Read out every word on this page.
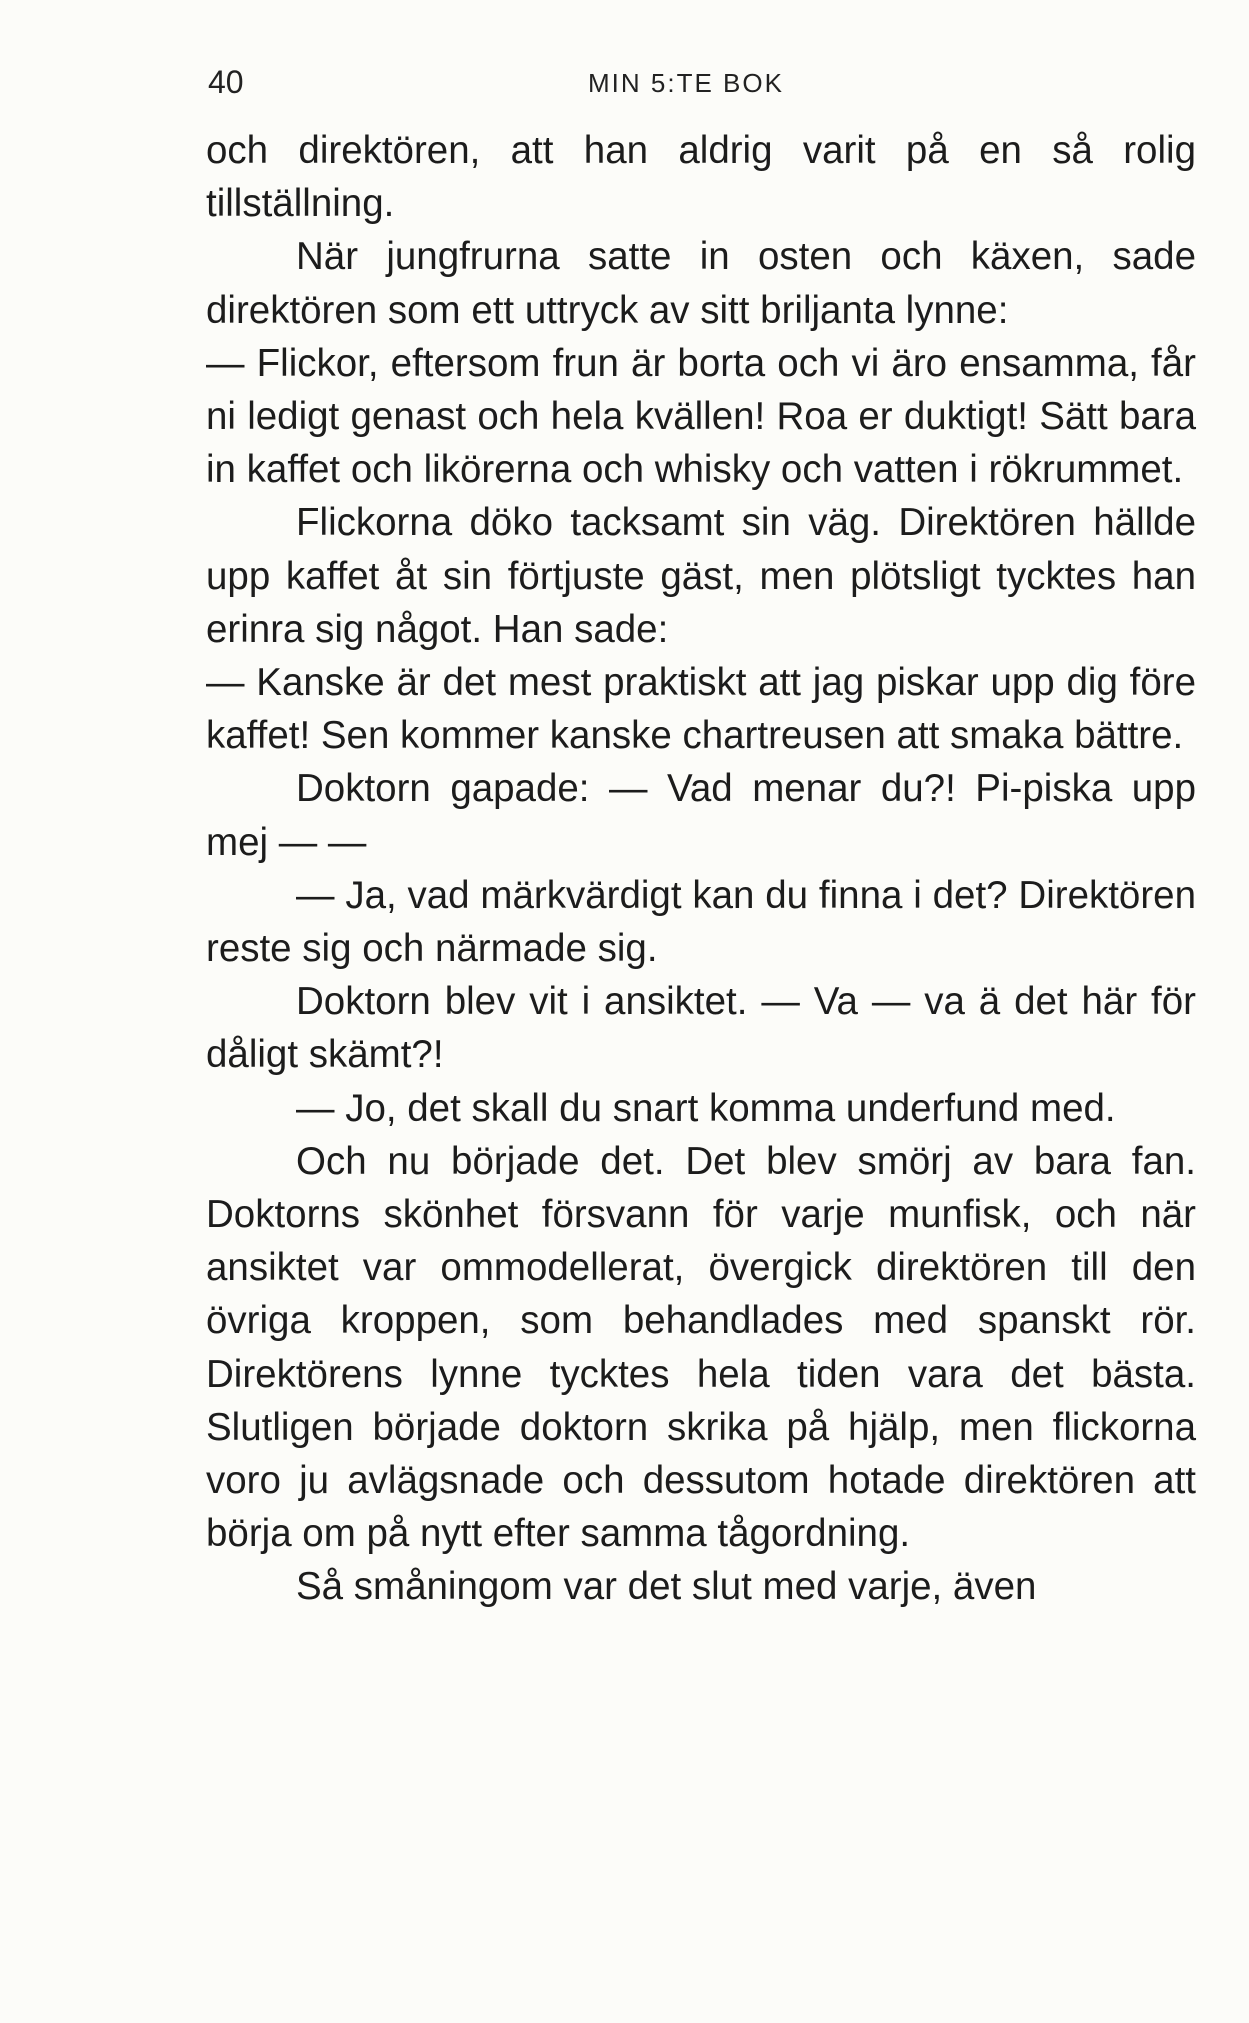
40	MIN 5:TE BOK

och direktören, att han aldrig varit på en så rolig tillställning.

När jungfrurna satte in osten och käxen, sade direktören som ett uttryck av sitt briljanta lynne:

— Flickor, eftersom frun är borta och vi äro ensamma, får ni ledigt genast och hela kvällen! Roa er duktigt! Sätt bara in kaffet och likörerna och whisky och vatten i rökrummet.

Flickorna döko tacksamt sin väg. Direktören hällde upp kaffet åt sin förtjuste gäst, men plötsligt tycktes han erinra sig något. Han sade:

— Kanske är det mest praktiskt att jag piskar upp dig före kaffet! Sen kommer kanske chartreusen att smaka bättre.

Doktorn gapade: — Vad menar du?! Pi-piska upp mej — —

— Ja, vad märkvärdigt kan du finna i det? Direktören reste sig och närmade sig.

Doktorn blev vit i ansiktet. — Va — va ä det här för dåligt skämt?!

— Jo, det skall du snart komma underfund med.

Och nu började det. Det blev smörj av bara fan. Doktorns skönhet försvann för varje munfisk, och när ansiktet var ommodellerat, övergick direktören till den övriga kroppen, som behandlades med spanskt rör. Direktörens lynne tycktes hela tiden vara det bästa. Slutligen började doktorn skrika på hjälp, men flickorna voro ju avlägsnade och dessutom hotade direktören att börja om på nytt efter samma tågordning.

Så småningom var det slut med varje, även
